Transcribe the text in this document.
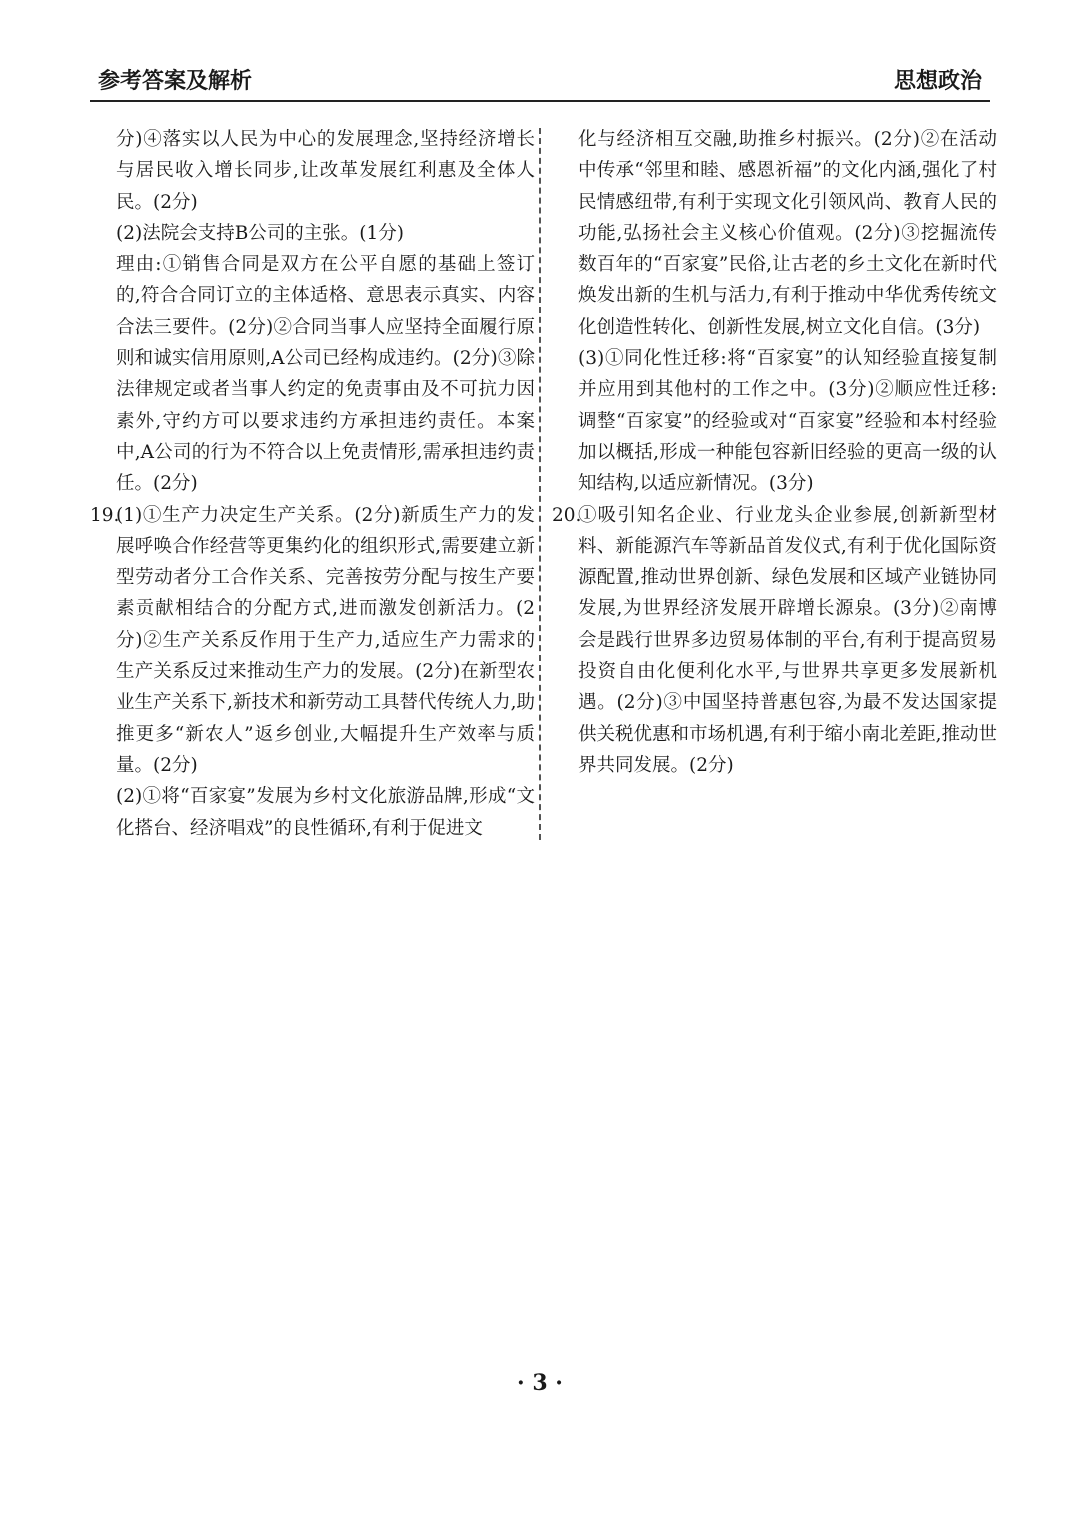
参考答案及解析	思想政治

分)④落实以人民为中心的发展理念,坚持经济增长与居民收入增长同步,让改革发展红利惠及全体人民。(2分)

(2)法院会支持B公司的主张。(1分)

理由:①销售合同是双方在公平自愿的基础上签订的,符合合同订立的主体适格、意思表示真实、内容合法三要件。(2分)②合同当事人应坚持全面履行原则和诚实信用原则,A公司已经构成违约。(2分)③除法律规定或者当事人约定的免责事由及不可抗力因素外,守约方可以要求违约方承担违约责任。本案中,A公司的行为不符合以上免责情形,需承担违约责任。(2分)

19.

(1)①生产力决定生产关系。(2分)新质生产力的发展呼唤合作经营等更集约化的组织形式,需要建立新型劳动者分工合作关系、完善按劳分配与按生产要素贡献相结合的分配方式,进而激发创新活力。(2分)②生产关系反作用于生产力,适应生产力需求的生产关系反过来推动生产力的发展。(2分)在新型农业生产关系下,新技术和新劳动工具替代传统人力,助推更多“新农人”返乡创业,大幅提升生产效率与质量。(2分)

(2)①将“百家宴”发展为乡村文化旅游品牌,形成“文化搭台、经济唱戏”的良性循环,有利于促进文

化与经济相互交融,助推乡村振兴。(2分)②在活动中传承“邻里和睦、感恩祈福”的文化内涵,强化了村民情感纽带,有利于实现文化引领风尚、教育人民的功能,弘扬社会主义核心价值观。(2分)③挖掘流传数百年的“百家宴”民俗,让古老的乡土文化在新时代焕发出新的生机与活力,有利于推动中华优秀传统文化创造性转化、创新性发展,树立文化自信。(3分)

(3)①同化性迁移:将“百家宴”的认知经验直接复制并应用到其他村的工作之中。(3分)②顺应性迁移:调整“百家宴”的经验或对“百家宴”经验和本村经验加以概括,形成一种能包容新旧经验的更高一级的认知结构,以适应新情况。(3分)

20.

①吸引知名企业、行业龙头企业参展,创新新型材料、新能源汽车等新品首发仪式,有利于优化国际资源配置,推动世界创新、绿色发展和区域产业链协同发展,为世界经济发展开辟增长源泉。(3分)②南博会是践行世界多边贸易体制的平台,有利于提高贸易投资自由化便利化水平,与世界共享更多发展新机遇。(2分)③中国坚持普惠包容,为最不发达国家提供关税优惠和市场机遇,有利于缩小南北差距,推动世界共同发展。(2分)

· 3 ·
